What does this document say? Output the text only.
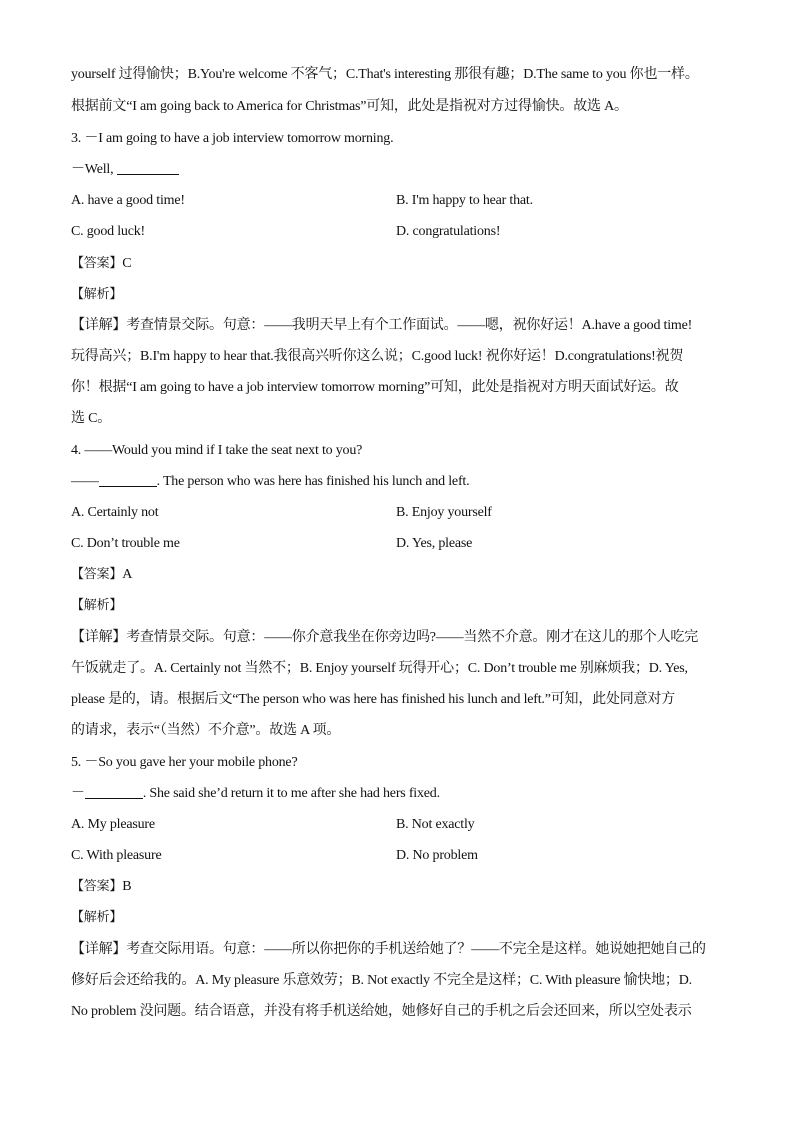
yourself 过得愉快；B.You're welcome 不客气；C.That's interesting 那很有趣；D.The same to you 你也一样。
根据前文“I am going back to America for Christmas”可知，此处是指祝对方过得愉快。故选 A。
3. －I am going to have a job interview tomorrow morning.
－Well,
A. have a good time!	B. I'm happy to hear that.
C. good luck!	D. congratulations!
【答案】C
【解析】
【详解】考查情景交际。句意：——我明天早上有个工作面试。——嗯，祝你好运！A.have a good time!
玩得高兴；B.I'm happy to hear that.我很高兴听你这么说；C.good luck! 祝你好运！D.congratulations!祝贺
你！根据“I am going to have a job interview tomorrow morning”可知，此处是指祝对方明天面试好运。故
选 C。
4. ——Would you mind if I take the seat next to you?
——	. The person who was here has finished his lunch and left.
A. Certainly not	B. Enjoy yourself
C. Don’t trouble me	D. Yes, please
【答案】A
【解析】
【详解】考查情景交际。句意：——你介意我坐在你旁边吗?——当然不介意。刚才在这儿的那个人吃完
午饭就走了。A. Certainly not 当然不；B. Enjoy yourself 玩得开心；C. Don’t trouble me 别麻烦我；D. Yes,
please 是的，请。根据后文“The person who was here has finished his lunch and left.”可知，此处同意对方
的请求，表示“（当然）不介意”。故选 A 项。
5. －So you gave her your mobile phone?
－	. She said she’d return it to me after she had hers fixed.
A. My pleasure	B. Not exactly
C. With pleasure	D. No problem
【答案】B
【解析】
【详解】考查交际用语。句意：——所以你把你的手机送给她了？——不完全是这样。她说她把她自己的
修好后会还给我的。A. My pleasure 乐意效劳；B. Not exactly 不完全是这样；C. With pleasure 愉快地；D.
No problem 没问题。结合语意，并没有将手机送给她，她修好自己的手机之后会还回来，所以空处表示
